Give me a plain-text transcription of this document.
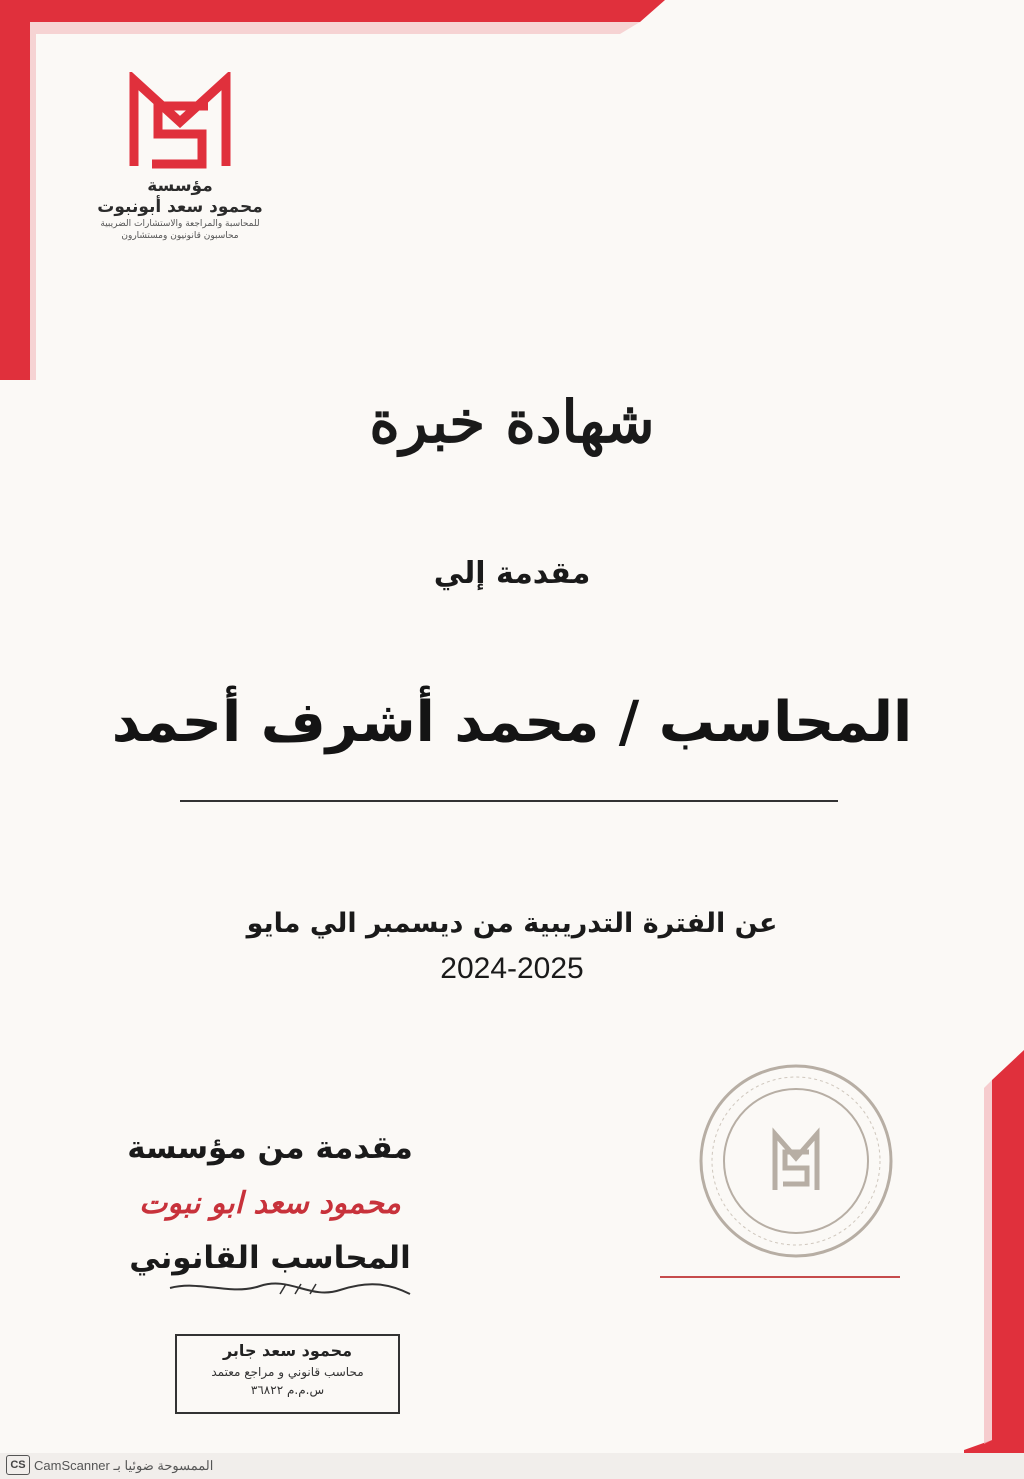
مؤسسة
محمود سعد أبونبوت
للمحاسبة والمراجعة والاستشارات الضريبية
محاسبون قانونيون ومستشارون
شهادة خبرة
مقدمة إلي
المحاسب / محمد أشرف أحمد
عن الفترة التدريبية من ديسمبر الي مايو
2024-2025
مقدمة من مؤسسة
محمود سعد ابو نبوت
المحاسب القانوني
محمود سعد جابر
محاسب قانوني و مراجع معتمد
س.م.م ٣٦٨٢٢
CS الممسوحة ضوئيا بـ CamScanner
